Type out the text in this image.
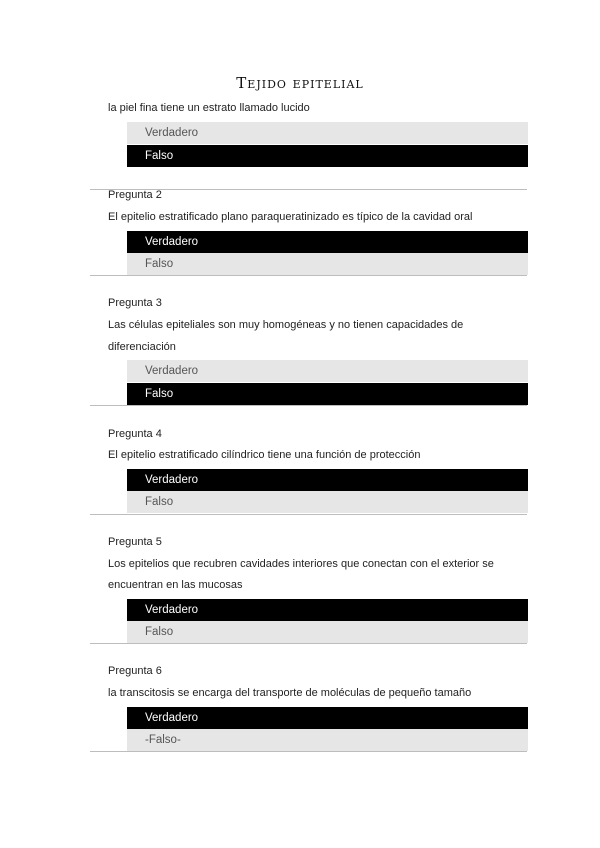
Tejido epitelial
la piel fina tiene un estrato llamado lucido
Verdadero
Falso
Pregunta 2
El epitelio estratificado plano paraqueratinizado es típico de la cavidad oral
Verdadero
Falso
Pregunta 3
Las células epiteliales son muy homogéneas y no tienen capacidades de
diferenciación
Verdadero
Falso
Pregunta 4
El epitelio estratificado cilíndrico tiene una función de protección
Verdadero
Falso
Pregunta 5
Los epitelios que recubren cavidades interiores que conectan con el exterior se
encuentran en las mucosas
Verdadero
Falso
Pregunta 6
la transcitosis se encarga del transporte de moléculas de pequeño tamaño
Verdadero
-Falso-
